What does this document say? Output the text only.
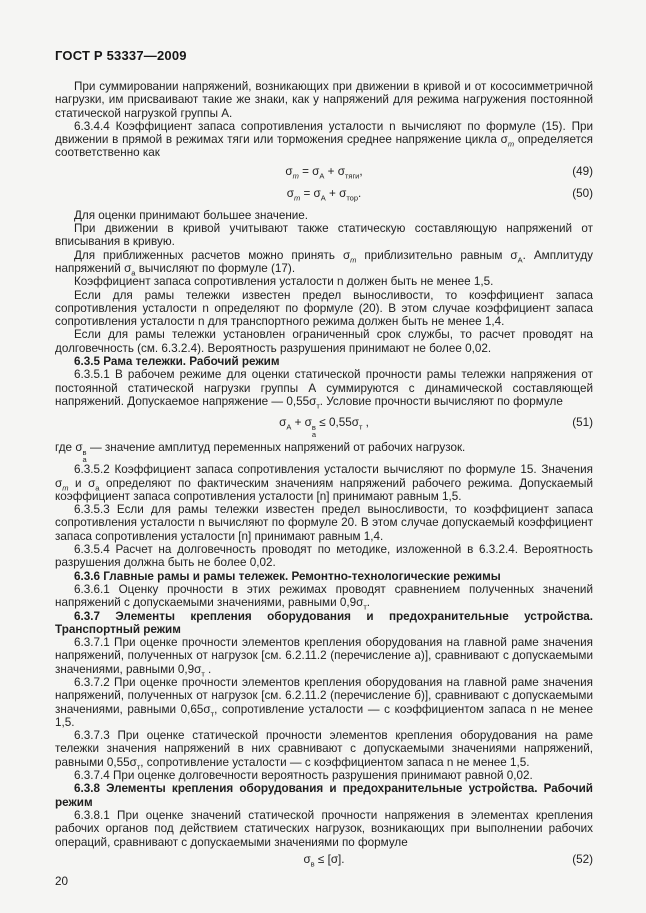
ГОСТ Р 53337—2009

При суммировании напряжений, возникающих при движении в кривой и от кососимметричной нагрузки, им присваивают такие же знаки, как у напряжений для режима нагружения постоянной статической нагрузкой группы А.

6.3.4.4 Коэффициент запаса сопротивления усталости n вычисляют по формуле (15). При движении в прямой в режимах тяги или торможения среднее напряжение цикла $\sigma_m$ определяется соответственно как

$\sigma_m = \sigma_А + \sigma_{тяги}$,	(49)
$\sigma_m = \sigma_А + \sigma_{тор}$.	(50)

Для оценки принимают большее значение.

При движении в кривой учитывают также статическую составляющую напряжений от вписывания в кривую.

Для приближенных расчетов можно принять $\sigma_m$ приблизительно равным $\sigma_А$. Амплитуду напряжений $\sigma_а$ вычисляют по формуле (17).

Коэффициент запаса сопротивления усталости n должен быть не менее 1,5.

Если для рамы тележки известен предел выносливости, то коэффициент запаса сопротивления усталости n определяют по формуле (20). В этом случае коэффициент запаса сопротивления усталости n для транспортного режима должен быть не менее 1,4.

Если для рамы тележки установлен ограниченный срок службы, то расчет проводят на долговечность (см. 6.3.2.4). Вероятность разрушения принимают не более 0,02.

6.3.5 Рама тележки. Рабочий режим

6.3.5.1 В рабочем режиме для оценки статической прочности рамы тележки напряжения от постоянной статической нагрузки группы А суммируются с динамической составляющей напряжений. Допускаемое напряжение — $0,55\sigma_т$. Условие прочности вычисляют по формуле

$\sigma_А + \sigma$ в
а
≤ $0,55\sigma_т$ ,	(51)

где σ в
а
— значение амплитуд переменных напряжений от рабочих нагрузок.

6.3.5.2 Коэффициент запаса сопротивления усталости вычисляют по формуле 15. Значения $\sigma_m$ и $\sigma_а$ определяют по фактическим значениям напряжений рабочего режима. Допускаемый коэффициент запаса сопротивления усталости [n] принимают равным 1,5.

6.3.5.3 Если для рамы тележки известен предел выносливости, то коэффициент запаса сопротивления усталости n вычисляют по формуле 20. В этом случае допускаемый коэффициент запаса сопротивления усталости [n] принимают равным 1,4.

6.3.5.4 Расчет на долговечность проводят по методике, изложенной в 6.3.2.4. Вероятность разрушения должна быть не более 0,02.

6.3.6 Главные рамы и рамы тележек. Ремонтно-технологические режимы

6.3.6.1 Оценку прочности в этих режимах проводят сравнением полученных значений напряжений с допускаемыми значениями, равными $0,9\sigma_т$.

6.3.7 Элементы крепления оборудования и предохранительные устройства. Транспортный режим

6.3.7.1 При оценке прочности элементов крепления оборудования на главной раме значения напряжений, полученных от нагрузок [см. 6.2.11.2 (перечисление а)], сравнивают с допускаемыми значениями, равными $0,9\sigma_т$ .

6.3.7.2 При оценке прочности элементов крепления оборудования на главной раме значения напряжений, полученных от нагрузок [см. 6.2.11.2 (перечисление б)], сравнивают с допускаемыми значениями, равными $0,65\sigma_т$, сопротивление усталости — с коэффициентом запаса n не менее 1,5.

6.3.7.3 При оценке статической прочности элементов крепления оборудования на раме тележки значения напряжений в них сравнивают с допускаемыми значениями напряжений, равными $0,55\sigma_т$, сопротивление усталости — с коэффициентом запаса n не менее 1,5.

6.3.7.4 При оценке долговечности вероятность разрушения принимают равной 0,02.

6.3.8 Элементы крепления оборудования и предохранительные устройства. Рабочий режим

6.3.8.1 При оценке значений статической прочности напряжения в элементах крепления рабочих органов под действием статических нагрузок, возникающих при выполнении рабочих операций, сравнивают с допускаемыми значениями по формуле

$\sigma_в \le [\sigma]$.	(52)

20
